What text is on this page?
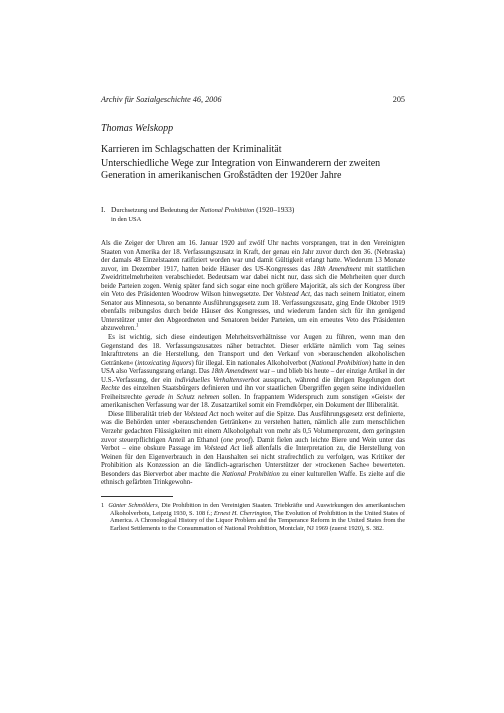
Archiv für Sozialgeschichte 46, 2006	205
Thomas Welskopp
Karrieren im Schlagschatten der Kriminalität
Unterschiedliche Wege zur Integration von Einwanderern der zweiten
Generation in amerikanischen Großstädten der 1920er Jahre
I. Durchsetzung und Bedeutung der National Prohibition (1920–1933)
in den USA

Als die Zeiger der Uhren am 16. Januar 1920 auf zwölf Uhr nachts vorsprangen, trat in den Vereinigten Staaten von Amerika der 18. Verfassungszusatz in Kraft, der genau ein Jahr zuvor durch den 36. (Nebraska) der damals 48 Einzelstaaten ratifiziert worden war und damit Gültigkeit erlangt hatte. Wiederum 13 Monate zuvor, im Dezember 1917, hatten beide Häuser des US-Kongresses das 18th Amendment mit stattlichen Zweidrittelmehrheiten verabschiedet. Bedeutsam war dabei nicht nur, dass sich die Mehrheiten quer durch beide Parteien zogen. Wenig später fand sich sogar eine noch größere Majorität, als sich der Kongress über ein Veto des Präsidenten Woodrow Wilson hinwegsetzte. Der Volstead Act, das nach seinem Initiator, einem Senator aus Minnesota, so benannte Ausführungsgesetz zum 18. Verfassungszusatz, ging Ende Oktober 1919 ebenfalls reibungslos durch beide Häuser des Kongresses, und wiederum fanden sich für ihn genügend Unterstützer unter den Abgeordneten und Senatoren beider Parteien, um ein erneutes Veto des Präsidenten abzuwehren.$^1$

Es ist wichtig, sich diese eindeutigen Mehrheitsverhältnisse vor Augen zu führen, wenn man den Gegenstand des 18. Verfassungszusatzes näher betrachtet. Dieser erklärte nämlich vom Tag seines Inkrafttretens an die Herstellung, den Transport und den Verkauf von »berauschenden alkoholischen Getränken« (intoxicating liquors) für illegal. Ein nationales Alkoholverbot (National Prohibition) hatte in den USA also Verfassungsrang erlangt. Das 18th Amendment war – und blieb bis heute – der einzige Artikel in der U.S.-Verfassung, der ein individuelles Verhaltensverbot aussprach, während die übrigen Regelungen dort Rechte des einzelnen Staatsbürgers definieren und ihn vor staatlichen Übergriffen gegen seine individuellen Freiheitsrechte gerade in Schutz nehmen sollen. In frappantem Widerspruch zum sonstigen »Geist« der amerikanischen Verfassung war der 18. Zusatzartikel somit ein Fremdkörper, ein Dokument der Illiberalität.

Diese Illiberalität trieb der Volstead Act noch weiter auf die Spitze. Das Ausführungsgesetz erst definierte, was die Behörden unter »berauschenden Getränken« zu verstehen hatten, nämlich alle zum menschlichen Verzehr gedachten Flüssigkeiten mit einem Alkoholgehalt von mehr als 0,5 Volumenprozent, dem geringsten zuvor steuerpflichtigen Anteil an Ethanol (one proof). Damit fielen auch leichte Biere und Wein unter das Verbot – eine obskure Passage im Volstead Act ließ allenfalls die Interpretation zu, die Herstellung von Weinen für den Eigenverbrauch in den Haushalten sei nicht strafrechtlich zu verfolgen, was Kritiker der Prohibition als Konzession an die ländlich-agrarischen Unterstützer der »trockenen Sache« bewerteten. Besonders das Bierverbot aber machte die National Prohibition zu einer kulturellen Waffe. Es zielte auf die ethnisch gefärbten Trinkgewohn-

1 Günter Schmölders, Die Prohibition in den Vereinigten Staaten. Triebkräfte und Auswirkungen des amerikanischen Alkoholverbots, Leipzig 1930, S. 108 f.; Ernest H. Cherrington, The Evolution of Prohibition in the United States of America. A Chronological History of the Liquor Problem and the Temperance Reform in the United States from the Earliest Settlements to the Consummation of National Prohibition, Montclair, NJ 1969 (zuerst 1920), S. 382.
